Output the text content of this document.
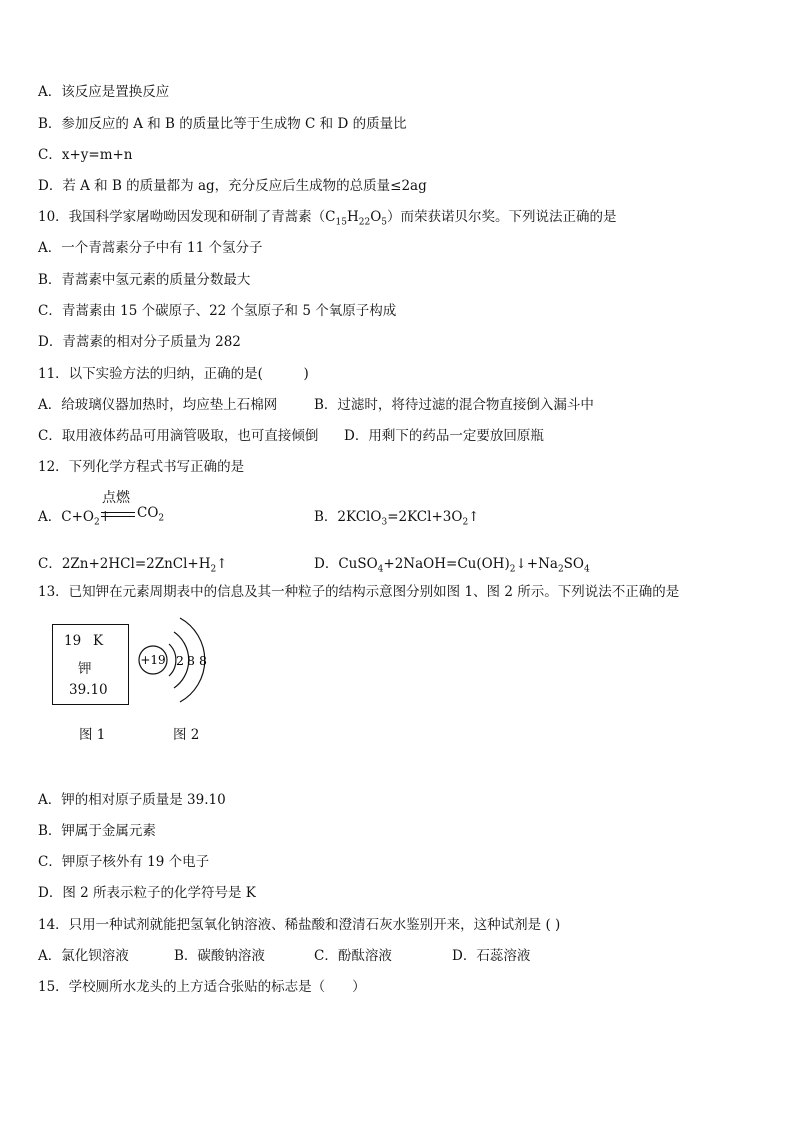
A．该反应是置换反应
B．参加反应的 A 和 B 的质量比等于生成物 C 和 D 的质量比
C．x+y=m+n
D．若 A 和 B 的质量都为 ag，充分反应后生成物的总质量≤2ag
10．我国科学家屠呦呦因发现和研制了青蒿素$(C_{15}H_{22}O_5)$而荣获诺贝尔奖。下列说法正确的是
A．一个青蒿素分子中有 11 个氢分子
B．青蒿素中氢元素的质量分数最大
C．青蒿素由 15 个碳原子、22 个氢原子和 5 个氧原子构成
D．青蒿素的相对分子质量为 282
11．以下实验方法的归纳，正确的是(　　　)
A．给玻璃仪器加热时，均应垫上石棉网	B．过滤时，将待过滤的混合物直接倒入漏斗中
C．取用液体药品可用滴管吸取，也可直接倾倒 D．用剩下的药品一定要放回原瓶
12．下列化学方程式书写正确的是
A．$C+O_2↑$
点燃
$CO_2$	B．$2KClO_3=2KCl+3O_2↑$
C．$2Zn+2HCl=2ZnCl+H_2↑$	D．$CuSO_4+2NaOH=Cu(OH)_2↓+Na_2SO_4$
13．已知钾在元素周期表中的信息及其一种粒子的结构示意图分别如图 1、图 2 所示。下列说法不正确的是
19 K
钾
39.10
+19 2 8 8
图 1	图 2
A．钾的相对原子质量是 39.10
B．钾属于金属元素
C．钾原子核外有 19 个电子
D．图 2 所表示粒子的化学符号是 K
14．只用一种试剂就能把氢氧化钠溶液、稀盐酸和澄清石灰水鉴别开来，这种试剂是 ( )
A．氯化钡溶液	B．碳酸钠溶液	C．酚酞溶液	D．石蕊溶液
15．学校厕所水龙头的上方适合张贴的标志是（　　）
